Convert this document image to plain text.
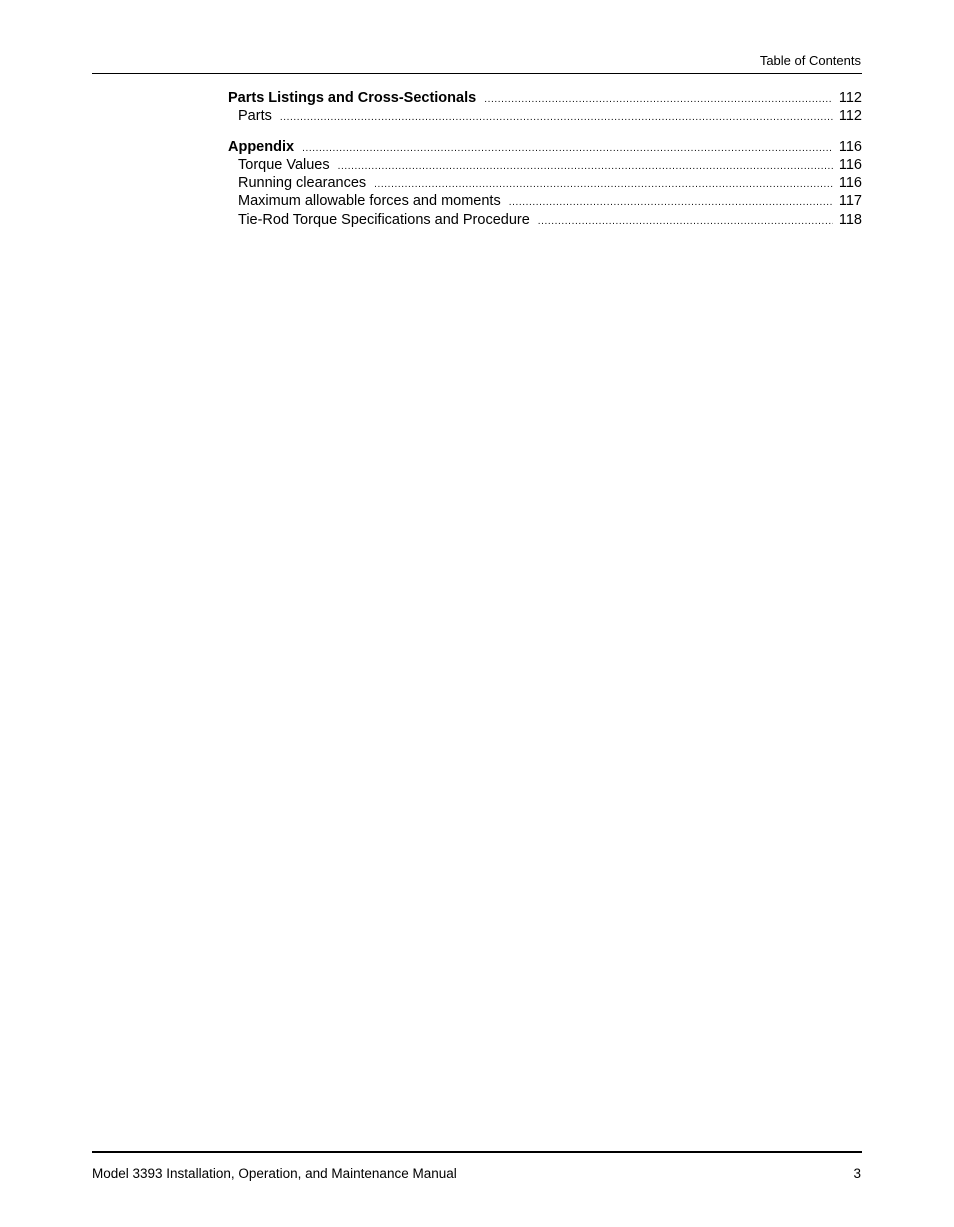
Table of Contents
Parts Listings and Cross-Sectionals .....	112
Parts .....	112
Appendix .....	116
Torque Values .....	116
Running clearances .....	116
Maximum allowable forces and moments .....	117
Tie-Rod Torque Specifications and Procedure .....	118
Model 3393 Installation, Operation, and Maintenance Manual	3
